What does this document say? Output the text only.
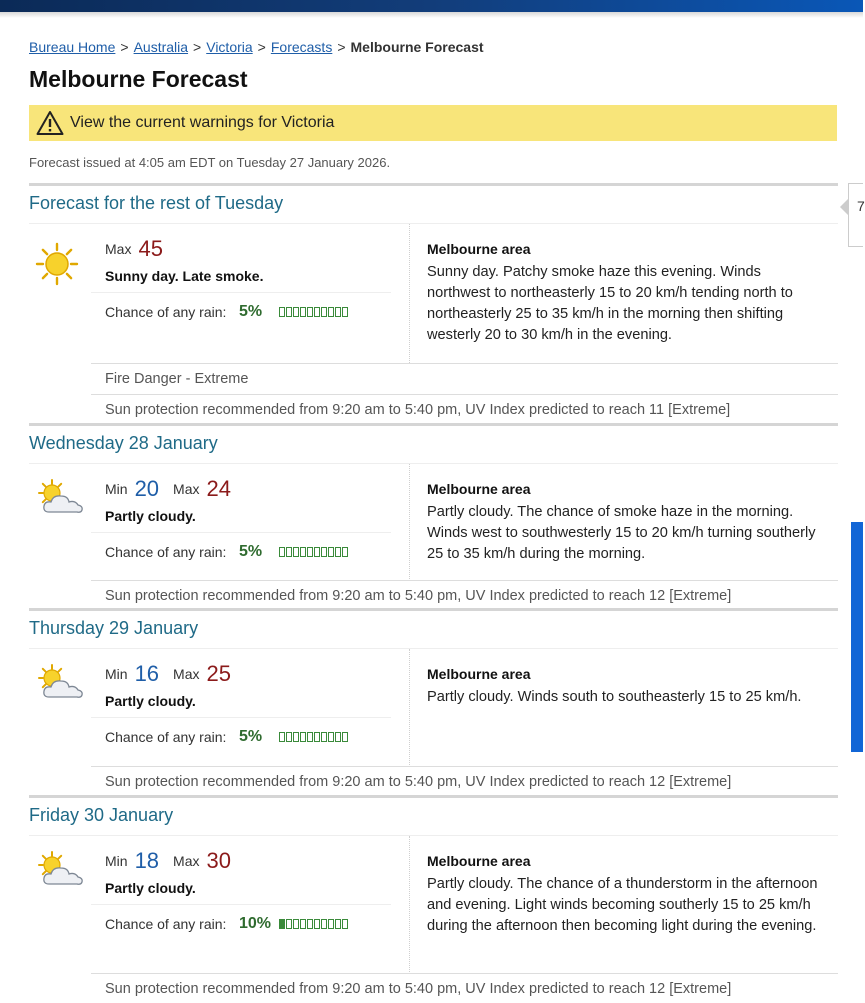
Bureau Home > Australia > Victoria > Forecasts > Melbourne Forecast
Melbourne Forecast
View the current warnings for Victoria
Forecast issued at 4:05 am EDT on Tuesday 27 January 2026.
Forecast for the rest of Tuesday
Max 45
Sunny day. Late smoke.
Chance of any rain: 5%
Melbourne area
Sunny day. Patchy smoke haze this evening. Winds northwest to northeasterly 15 to 20 km/h tending north to northeasterly 25 to 35 km/h in the morning then shifting westerly 20 to 30 km/h in the evening.
Fire Danger - Extreme
Sun protection recommended from 9:20 am to 5:40 pm, UV Index predicted to reach 11 [Extreme]
Wednesday 28 January
Min 20 Max 24
Partly cloudy.
Chance of any rain: 5%
Melbourne area
Partly cloudy. The chance of smoke haze in the morning. Winds west to southwesterly 15 to 20 km/h turning southerly 25 to 35 km/h during the morning.
Sun protection recommended from 9:20 am to 5:40 pm, UV Index predicted to reach 12 [Extreme]
Thursday 29 January
Min 16 Max 25
Partly cloudy.
Chance of any rain: 5%
Melbourne area
Partly cloudy. Winds south to southeasterly 15 to 25 km/h.
Sun protection recommended from 9:20 am to 5:40 pm, UV Index predicted to reach 12 [Extreme]
Friday 30 January
Min 18 Max 30
Partly cloudy.
Chance of any rain: 10%
Melbourne area
Partly cloudy. The chance of a thunderstorm in the afternoon and evening. Light winds becoming southerly 15 to 25 km/h during the afternoon then becoming light during the evening.
Sun protection recommended from 9:20 am to 5:40 pm, UV Index predicted to reach 12 [Extreme]
7
